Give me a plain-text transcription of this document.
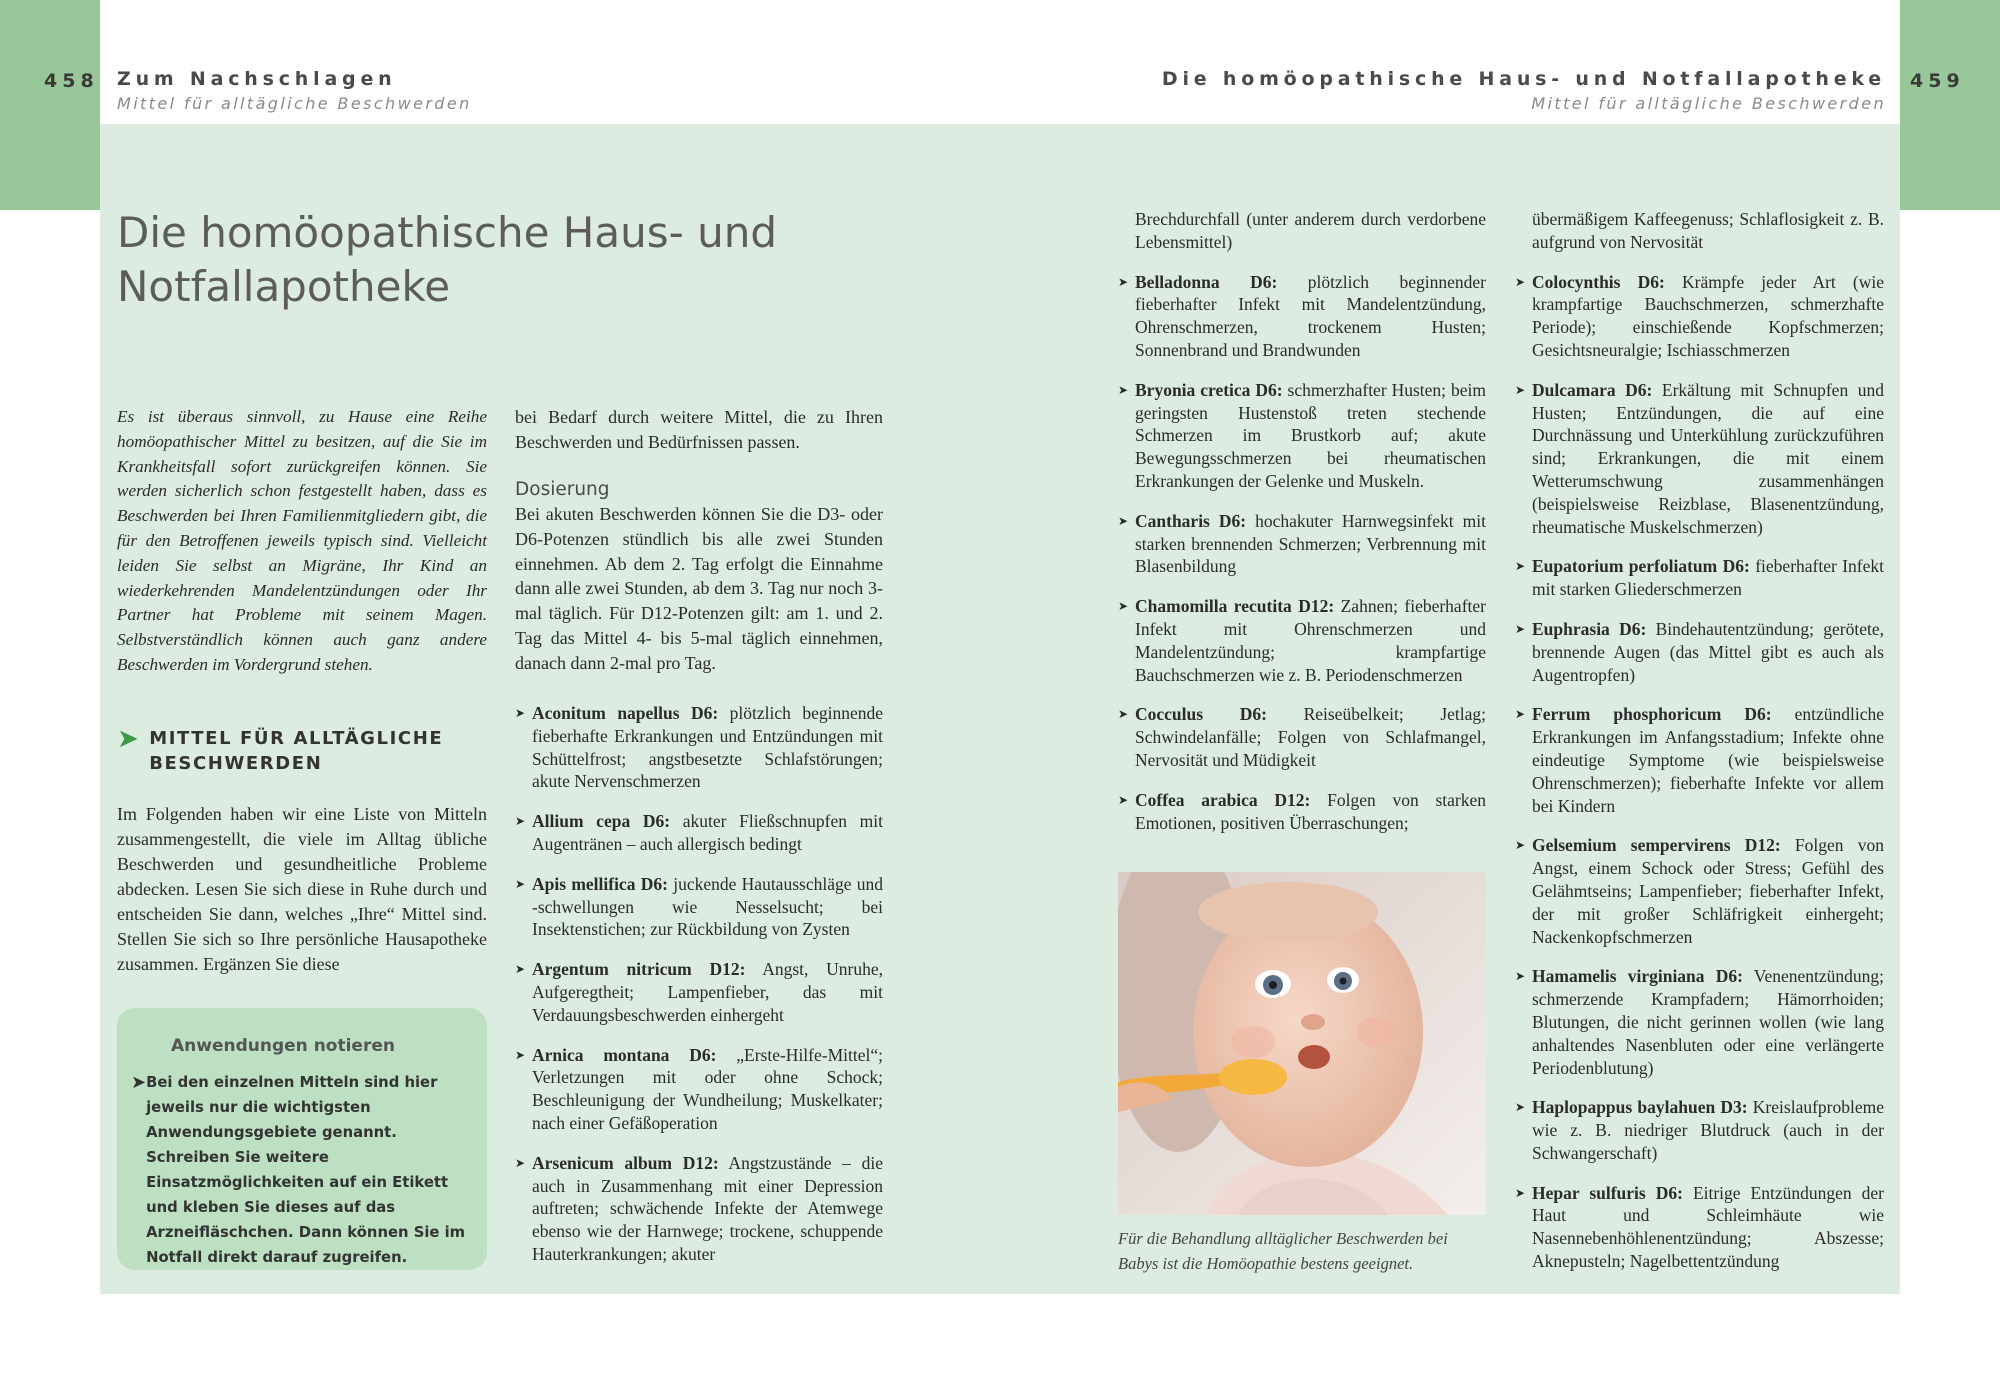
458 Zum Nachschlagen
Mittel für alltägliche Beschwerden
Die homöopathische Haus- und Notfallapotheke
Mittel für alltägliche Beschwerden
459
Die homöopathische Haus- und Notfallapotheke

Es ist überaus sinnvoll, zu Hause eine Reihe homöopathischer Mittel zu besitzen, auf die Sie im Krankheitsfall sofort zurückgreifen können. Sie werden sicherlich schon festgestellt haben, dass es Beschwerden bei Ihren Familienmitgliedern gibt, die für den Betroffenen jeweils typisch sind. Vielleicht leiden Sie selbst an Migräne, Ihr Kind an wiederkehrenden Mandelentzündungen oder Ihr Partner hat Probleme mit seinem Magen. Selbstverständlich können auch ganz andere Beschwerden im Vordergrund stehen.

➤ MITTEL FÜR ALLTÄGLICHE BESCHWERDEN

Im Folgenden haben wir eine Liste von Mitteln zusammengestellt, die viele im Alltag übliche Beschwerden und gesundheitliche Probleme abdecken. Lesen Sie sich diese in Ruhe durch und entscheiden Sie dann, welches „Ihre“ Mittel sind. Stellen Sie sich so Ihre persönliche Hausapotheke zusammen. Ergänzen Sie diese

Anwendungen notieren
➤ Bei den einzelnen Mitteln sind hier jeweils nur die wichtigsten Anwendungsgebiete genannt. Schreiben Sie weitere Einsatzmöglichkeiten auf ein Etikett und kleben Sie dieses auf das Arzneifläschchen. Dann können Sie im Notfall direkt darauf zugreifen.

bei Bedarf durch weitere Mittel, die zu Ihren Beschwerden und Bedürfnissen passen.

Dosierung

Bei akuten Beschwerden können Sie die D3- oder D6-Potenzen stündlich bis alle zwei Stunden einnehmen. Ab dem 2. Tag erfolgt die Einnahme dann alle zwei Stunden, ab dem 3. Tag nur noch 3-mal täglich. Für D12-Potenzen gilt: am 1. und 2. Tag das Mittel 4- bis 5-mal täglich einnehmen, danach dann 2-mal pro Tag.

➤ Aconitum napellus D6: plötzlich beginnende fieberhafte Erkrankungen und Entzündungen mit Schüttelfrost; angstbesetzte Schlafstörungen; akute Nervenschmerzen
➤ Allium cepa D6: akuter Fließschnupfen mit Augentränen – auch allergisch bedingt
➤ Apis mellifica D6: juckende Hautausschläge und -schwellungen wie Nesselsucht; bei Insektenstichen; zur Rückbildung von Zysten
➤ Argentum nitricum D12: Angst, Unruhe, Aufgeregtheit; Lampenfieber, das mit Verdauungsbeschwerden einhergeht
➤ Arnica montana D6: „Erste-Hilfe-Mittel“; Verletzungen mit oder ohne Schock; Beschleunigung der Wundheilung; Muskelkater; nach einer Gefäßoperation
➤ Arsenicum album D12: Angstzustände – die auch in Zusammenhang mit einer Depression auftreten; schwächende Infekte der Atemwege ebenso wie der Harnwege; trockene, schuppende Hauterkrankungen; akuter

Brechdurchfall (unter anderem durch verdorbene Lebensmittel)

➤ Belladonna D6: plötzlich beginnender fieberhafter Infekt mit Mandelentzündung, Ohrenschmerzen, trockenem Husten; Sonnenbrand und Brandwunden
➤ Bryonia cretica D6: schmerzhafter Husten; beim geringsten Hustenstoß treten stechende Schmerzen im Brustkorb auf; akute Bewegungsschmerzen bei rheumatischen Erkrankungen der Gelenke und Muskeln.
➤ Cantharis D6: hochakuter Harnwegsinfekt mit starken brennenden Schmerzen; Verbrennung mit Blasenbildung
➤ Chamomilla recutita D12: Zahnen; fieberhafter Infekt mit Ohrenschmerzen und Mandelentzündung; krampfartige Bauchschmerzen wie z. B. Periodenschmerzen
➤ Cocculus D6: Reiseübelkeit; Jetlag; Schwindelanfälle; Folgen von Schlafmangel, Nervosität und Müdigkeit
➤ Coffea arabica D12: Folgen von starken Emotionen, positiven Überraschungen;

Für die Behandlung alltäglicher Beschwerden bei Babys ist die Homöopathie bestens geeignet.

übermäßigem Kaffeegenuss; Schlaflosigkeit z. B. aufgrund von Nervosität

➤ Colocynthis D6: Krämpfe jeder Art (wie krampfartige Bauchschmerzen, schmerzhafte Periode); einschießende Kopfschmerzen; Gesichtsneuralgie; Ischiasschmerzen
➤ Dulcamara D6: Erkältung mit Schnupfen und Husten; Entzündungen, die auf eine Durchnässung und Unterkühlung zurückzuführen sind; Erkrankungen, die mit einem Wetterumschwung zusammenhängen (beispielsweise Reizblase, Blasenentzündung, rheumatische Muskelschmerzen)
➤ Eupatorium perfoliatum D6: fieberhafter Infekt mit starken Gliederschmerzen
➤ Euphrasia D6: Bindehautentzündung; gerötete, brennende Augen (das Mittel gibt es auch als Augentropfen)
➤ Ferrum phosphoricum D6: entzündliche Erkrankungen im Anfangsstadium; Infekte ohne eindeutige Symptome (wie beispielsweise Ohrenschmerzen); fieberhafte Infekte vor allem bei Kindern
➤ Gelsemium sempervirens D12: Folgen von Angst, einem Schock oder Stress; Gefühl des Gelähmtseins; Lampenfieber; fieberhafter Infekt, der mit großer Schläfrigkeit einhergeht; Nackenkopfschmerzen
➤ Hamamelis virginiana D6: Venenentzündung; schmerzende Krampfadern; Hämorrhoiden; Blutungen, die nicht gerinnen wollen (wie lang anhaltendes Nasenbluten oder eine verlängerte Periodenblutung)
➤ Haplopappus baylahuen D3: Kreislaufprobleme wie z. B. niedriger Blutdruck (auch in der Schwangerschaft)
➤ Hepar sulfuris D6: Eitrige Entzündungen der Haut und Schleimhäute wie Nasennebenhöhlenentzündung; Abszesse; Aknepusteln; Nagelbettentzündung
